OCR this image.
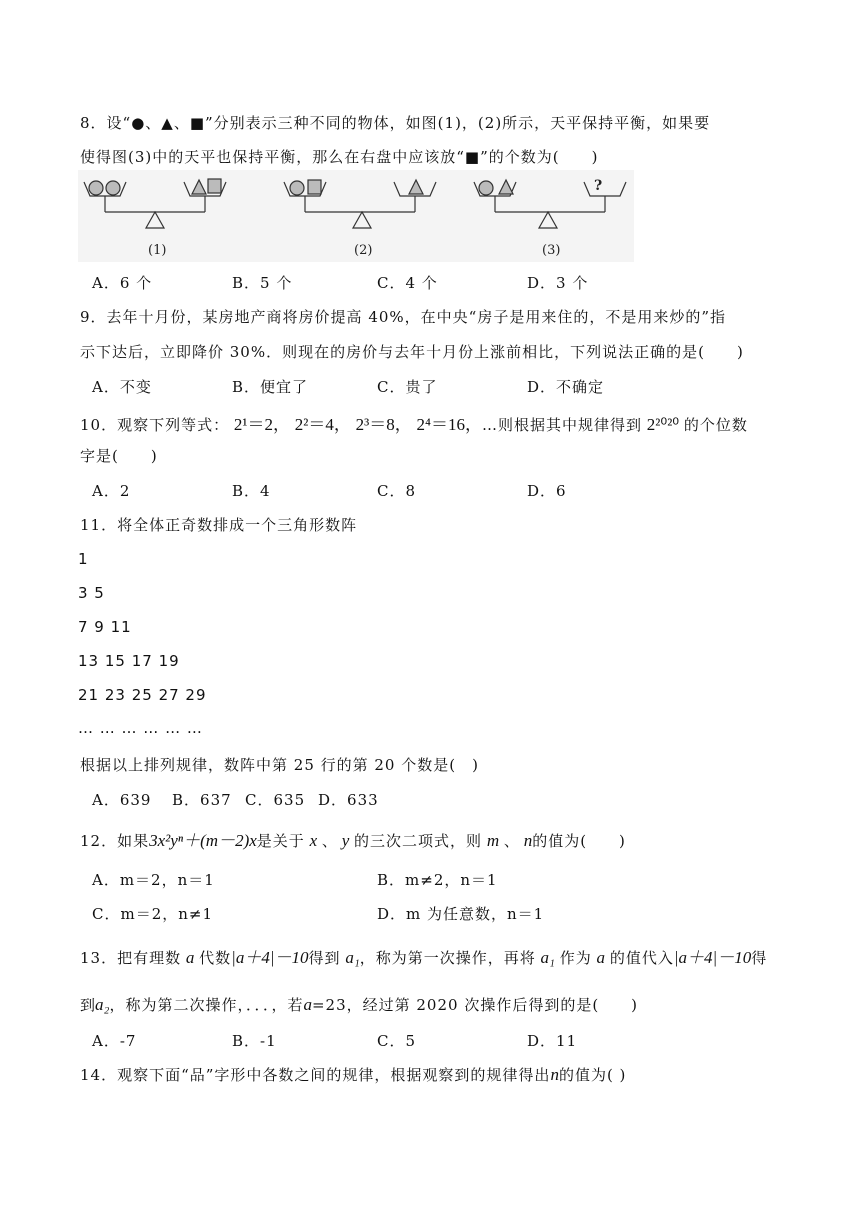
8．设“●、▲、■”分别表示三种不同的物体，如图(1)，(2)所示，天平保持平衡，如果要
使得图(3)中的天平也保持平衡，那么在右盘中应该放“■”的个数为(　　)
(1)	(2)
?
(3)
A．6 个	B．5 个	C．4 个	D．3 个
9．去年十月份，某房地产商将房价提高 40%，在中央“房子是用来住的，不是用来炒的”指
示下达后，立即降价 30%．则现在的房价与去年十月份上涨前相比，下列说法正确的是(　　)
A．不变	B．便宜了	C．贵了	D．不确定
10．观察下列等式： 2¹＝2， 2²＝4， 2³＝8， 2⁴＝16，…则根据其中规律得到 2²⁰²⁰ 的个位数
字是(　　)
A．2	B．4	C．8	D．6
11．将全体正奇数排成一个三角形数阵
1
3 5
7 9 11
13 15 17 19
21 23 25 27 29
… … … … … …
根据以上排列规律，数阵中第 25 行的第 20 个数是(　)
A．639 B．637 C．635 D．633
12．如果3x²yⁿ＋(m－2)x是关于 x 、 y 的三次二项式，则 m 、 n的值为(　　)
A．m＝2，n＝1	B．m≠2，n＝1
C．m＝2，n≠1	D．m 为任意数，n＝1
13．把有理数 a 代数|a＋4|－10得到 a₁，称为第一次操作，再将 a₁ 作为 a 的值代入|a＋4|－10得
到a₂，称为第二次操作，．．．，若a=23，经过第 2020 次操作后得到的是(　　)
A．-7	B．-1	C．5	D．11
14．观察下面“品”字形中各数之间的规律，根据观察到的规律得出n的值为( )
